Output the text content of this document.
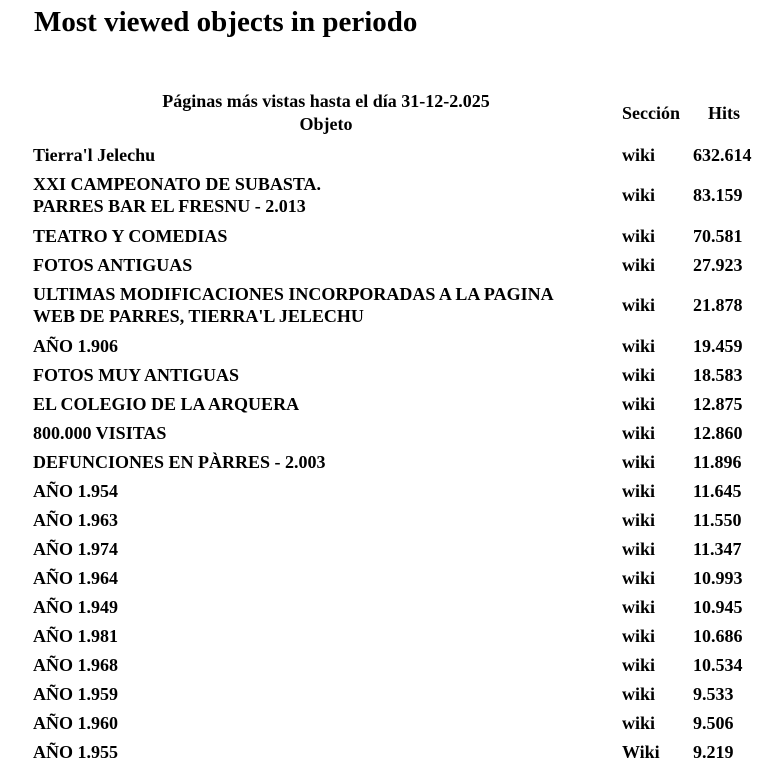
Most viewed objects in periodo
Páginas más vistas hasta el día 31-12-2.025
Objeto
Sección Hits
Tierra'l Jelechu	wiki 632.614
XXI CAMPEONATO DE SUBASTA. PARRES BAR EL FRESNU - 2.013
wiki 83.159
TEATRO Y COMEDIAS	wiki 70.581
FOTOS ANTIGUAS	wiki 27.923
ULTIMAS MODIFICACIONES INCORPORADAS A LA PAGINA WEB DE PARRES, TIERRA'L JELECHU
wiki 21.878
AÑO 1.906	wiki 19.459
FOTOS MUY ANTIGUAS	wiki 18.583
EL COLEGIO DE LA ARQUERA	wiki 12.875
800.000 VISITAS	wiki 12.860
DEFUNCIONES EN PÀRRES - 2.003	wiki 11.896
AÑO 1.954	wiki 11.645
AÑO 1.963	wiki 11.550
AÑO 1.974	wiki 11.347
AÑO 1.964	wiki 10.993
AÑO 1.949	wiki 10.945
AÑO 1.981	wiki 10.686
AÑO 1.968	wiki 10.534
AÑO 1.959	wiki 9.533
AÑO 1.960	wiki 9.506
AÑO 1.955	Wiki 9.219
